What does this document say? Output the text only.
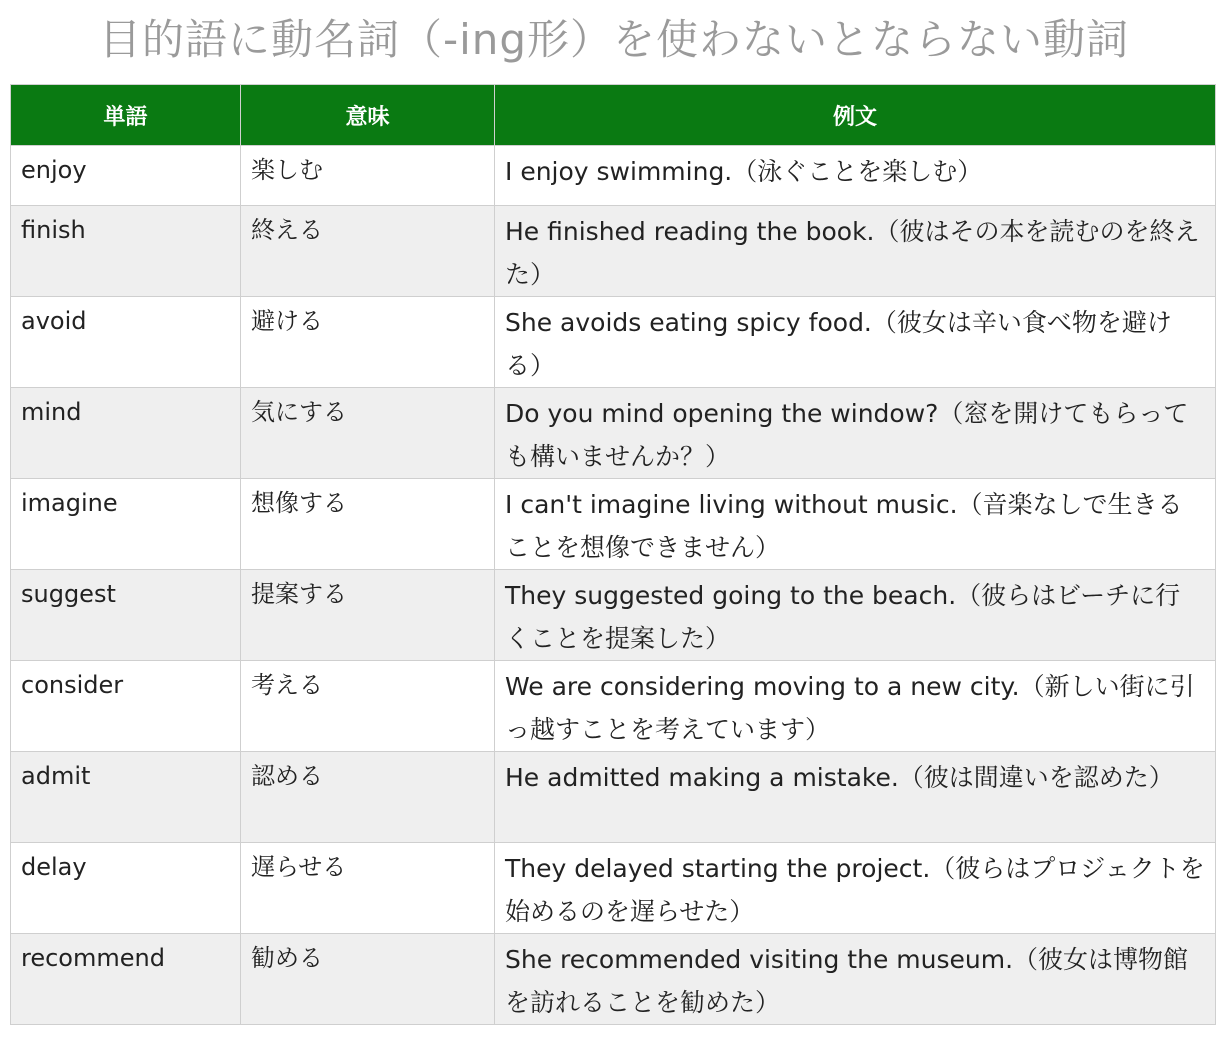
目的語に動名詞（-ing形）を使わないとならない動詞
単語	意味	例文
enjoy	楽しむ	I enjoy swimming.（泳ぐことを楽しむ）
finish	終える	He finished reading the book.（彼はその本を読むのを終えた）
avoid	避ける	She avoids eating spicy food.（彼女は辛い食べ物を避ける）
mind	気にする	Do you mind opening the window?（窓を開けてもらっても構いませんか？）
imagine	想像する	I can't imagine living without music.（音楽なしで生きることを想像できません）
suggest	提案する	They suggested going to the beach.（彼らはビーチに行くことを提案した）
consider	考える	We are considering moving to a new city.（新しい街に引っ越すことを考えています）
admit	認める	He admitted making a mistake.（彼は間違いを認めた）
delay	遅らせる	They delayed starting the project.（彼らはプロジェクトを始めるのを遅らせた）
recommend	勧める	She recommended visiting the museum.（彼女は博物館を訪れることを勧めた）
